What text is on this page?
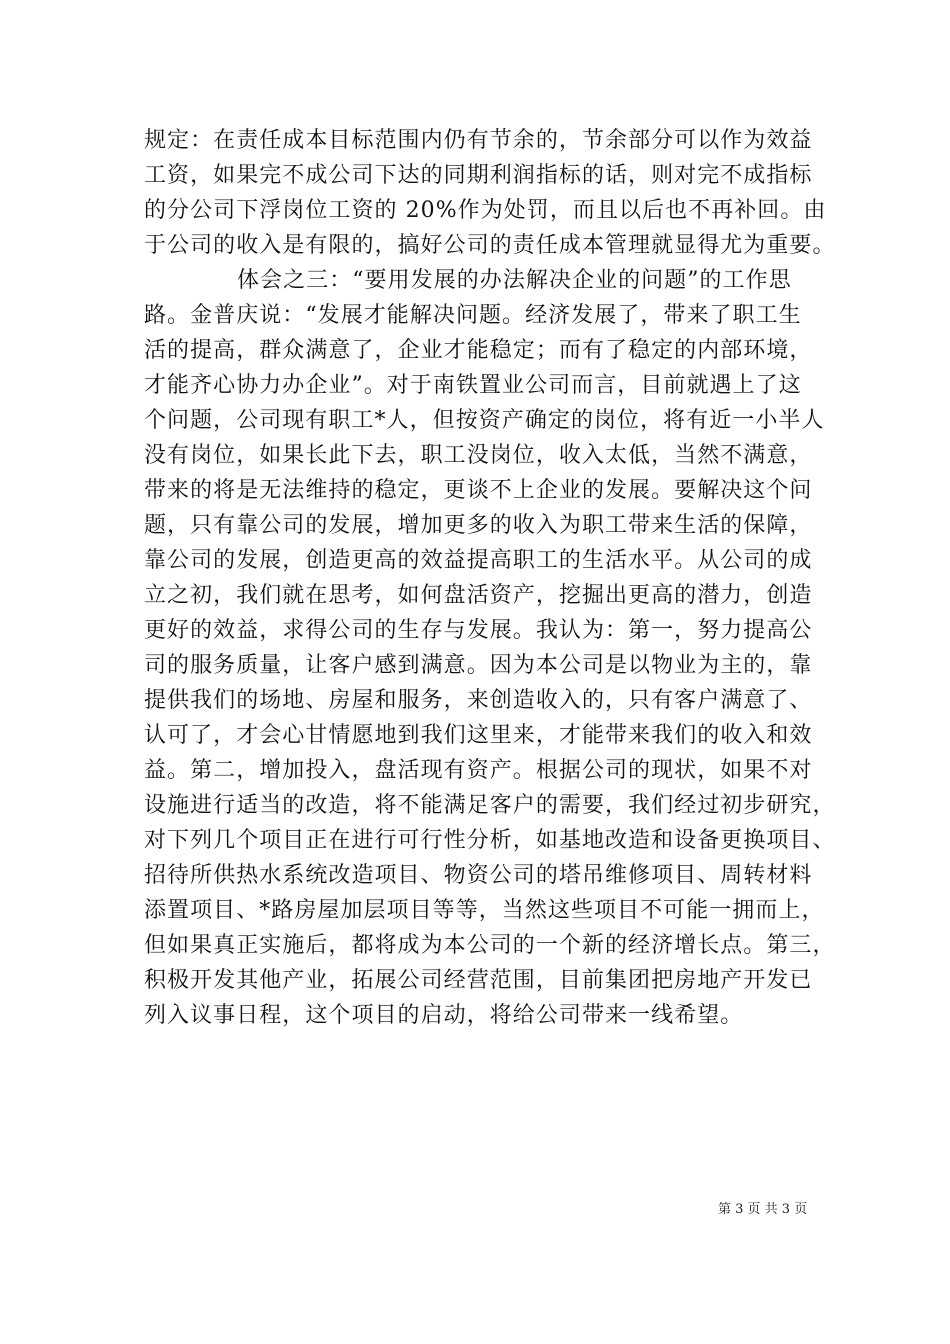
规定：在责任成本目标范围内仍有节余的，节余部分可以作为效益
工资，如果完不成公司下达的同期利润指标的话，则对完不成指标
的分公司下浮岗位工资的 20%作为处罚，而且以后也不再补回。由
于公司的收入是有限的，搞好公司的责任成本管理就显得尤为重要。
体会之三：“要用发展的办法解决企业的问题”的工作思
路。金普庆说：“发展才能解决问题。经济发展了，带来了职工生
活的提高，群众满意了，企业才能稳定；而有了稳定的内部环境，
才能齐心协力办企业”。对于南铁置业公司而言，目前就遇上了这
个问题，公司现有职工*人，但按资产确定的岗位，将有近一小半人
没有岗位，如果长此下去，职工没岗位，收入太低，当然不满意，
带来的将是无法维持的稳定，更谈不上企业的发展。要解决这个问
题，只有靠公司的发展，增加更多的收入为职工带来生活的保障，
靠公司的发展，创造更高的效益提高职工的生活水平。从公司的成
立之初，我们就在思考，如何盘活资产，挖掘出更高的潜力，创造
更好的效益，求得公司的生存与发展。我认为：第一，努力提高公
司的服务质量，让客户感到满意。因为本公司是以物业为主的，靠
提供我们的场地、房屋和服务，来创造收入的，只有客户满意了、
认可了，才会心甘情愿地到我们这里来，才能带来我们的收入和效
益。第二，增加投入，盘活现有资产。根据公司的现状，如果不对
设施进行适当的改造，将不能满足客户的需要，我们经过初步研究，
对下列几个项目正在进行可行性分析，如基地改造和设备更换项目、
招待所供热水系统改造项目、物资公司的塔吊维修项目、周转材料
添置项目、*路房屋加层项目等等，当然这些项目不可能一拥而上，
但如果真正实施后，都将成为本公司的一个新的经济增长点。第三，
积极开发其他产业，拓展公司经营范围，目前集团把房地产开发已
列入议事日程，这个项目的启动，将给公司带来一线希望。
第 3 页 共 3 页
